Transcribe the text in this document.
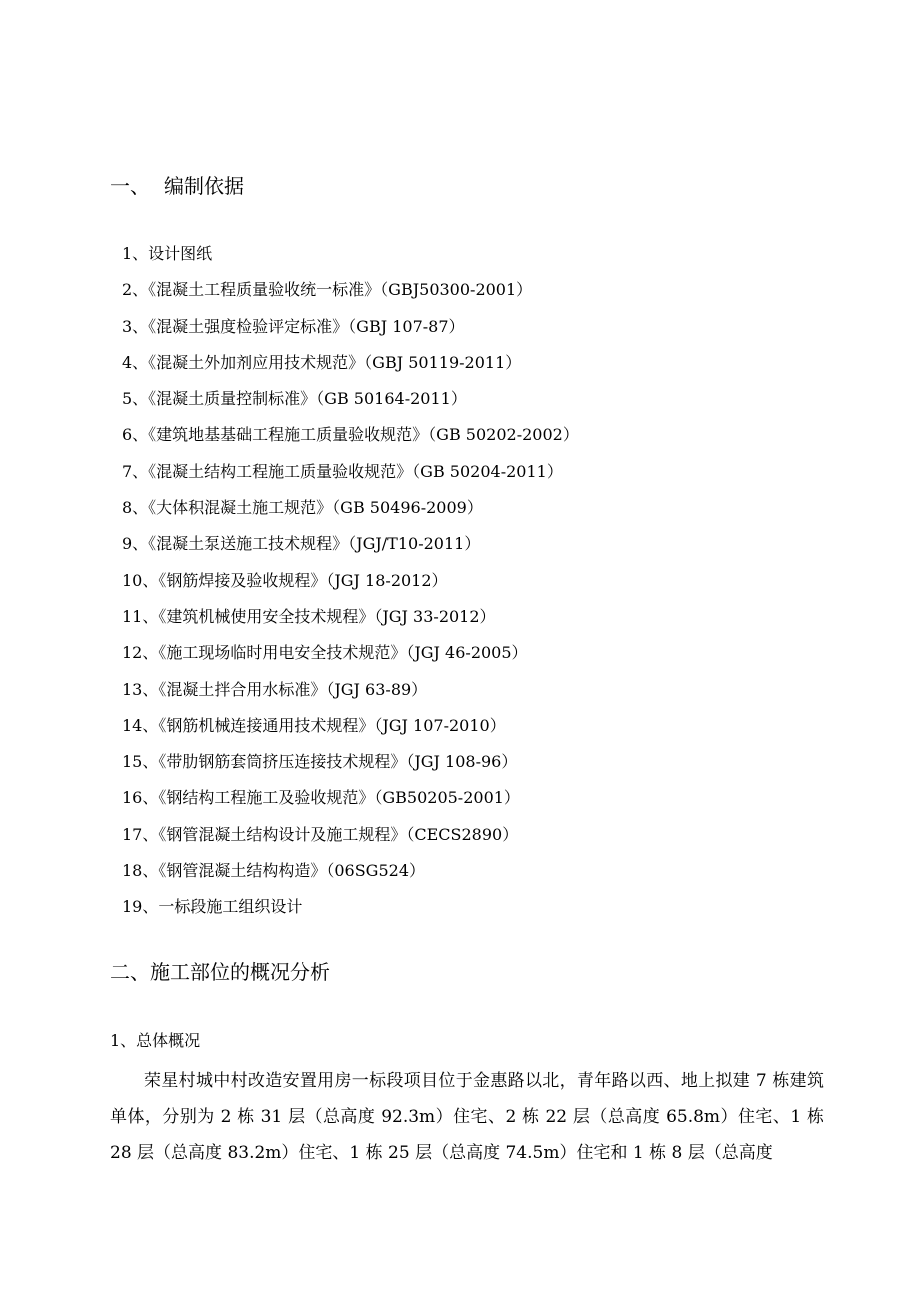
一、 编制依据
1、设计图纸
2、《混凝土工程质量验收统一标准》（GBJ50300-2001）
3、《混凝土强度检验评定标准》（GBJ 107-87）
4、《混凝土外加剂应用技术规范》（GBJ 50119-2011）
5、《混凝土质量控制标准》（GB 50164-2011）
6、《建筑地基基础工程施工质量验收规范》（GB 50202-2002）
7、《混凝土结构工程施工质量验收规范》（GB 50204-2011）
8、《大体积混凝土施工规范》（GB 50496-2009）
9、《混凝土泵送施工技术规程》（JGJ/T10-2011）
10、《钢筋焊接及验收规程》（JGJ 18-2012）
11、《建筑机械使用安全技术规程》（JGJ 33-2012）
12、《施工现场临时用电安全技术规范》（JGJ 46-2005）
13、《混凝土拌合用水标准》（JGJ 63-89）
14、《钢筋机械连接通用技术规程》（JGJ 107-2010）
15、《带肋钢筋套筒挤压连接技术规程》（JGJ 108-96）
16、《钢结构工程施工及验收规范》（GB50205-2001）
17、《钢管混凝土结构设计及施工规程》（CECS2890）
18、《钢管混凝土结构构造》（06SG524）
19、一标段施工组织设计
二、施工部位的概况分析
1、总体概况

荣星村城中村改造安置用房一标段项目位于金惠路以北，青年路以西、地上拟建 7 栋建筑单体，分别为 2 栋 31 层（总高度 92.3m）住宅、2 栋 22 层（总高度 65.8m）住宅、1 栋 28 层（总高度 83.2m）住宅、1 栋 25 层（总高度 74.5m）住宅和 1 栋 8 层（总高度
